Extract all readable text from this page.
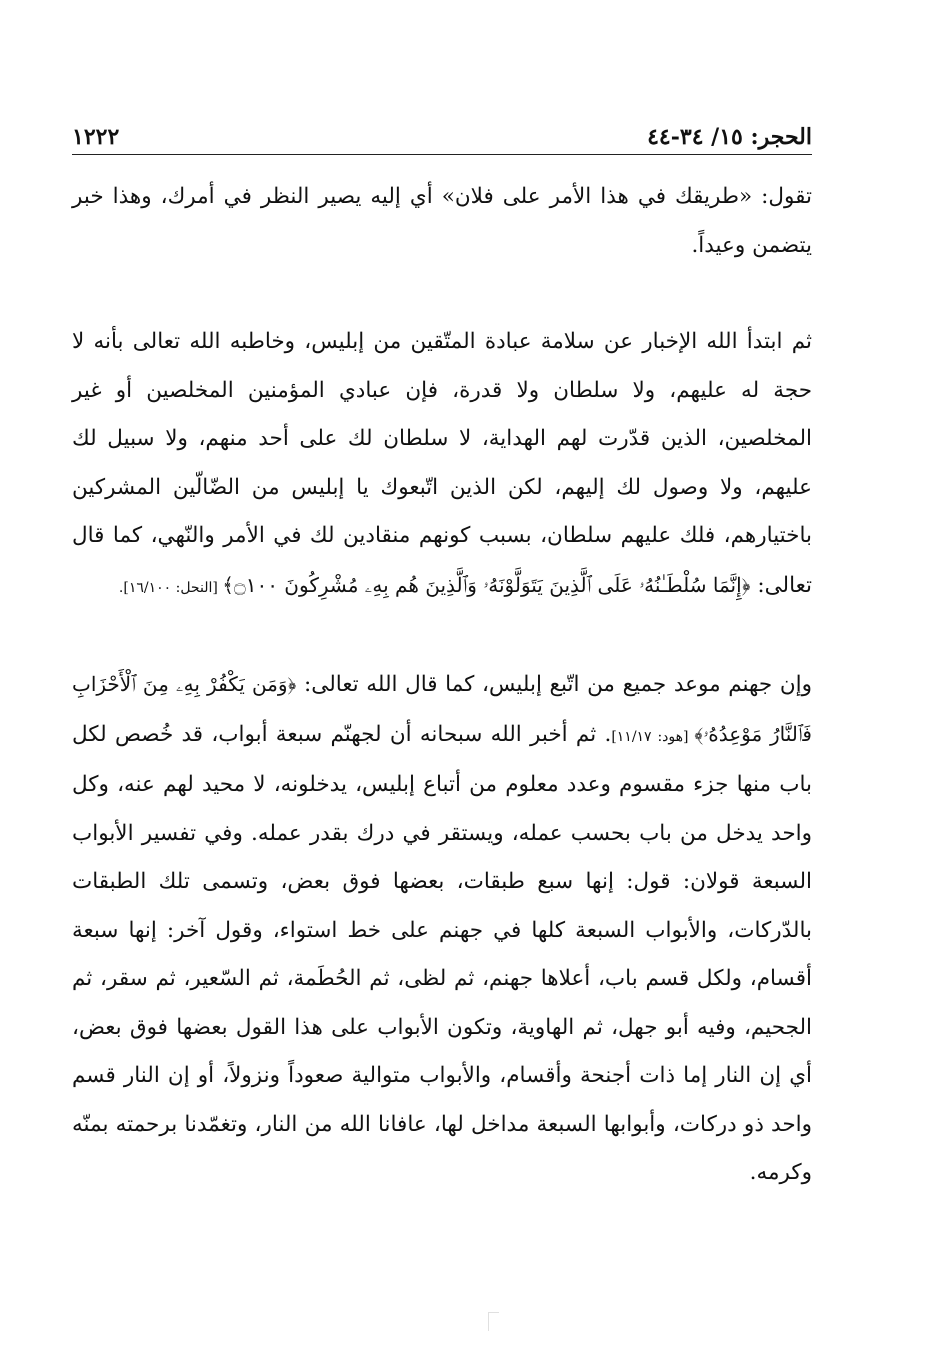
الحجر: ١٥/ ٣٤-٤٤
١٢٢٢

تقول: «طريقك في هذا الأمر على فلان» أي إليه يصير النظر في أمرك، وهذا خبر يتضمن وعيداً.

ثم ابتدأ الله الإخبار عن سلامة عبادة المتّقين من إبليس، وخاطبه الله تعالى بأنه لا حجة له عليهم، ولا سلطان ولا قدرة، فإن عبادي المؤمنين المخلصين أو غير المخلصين، الذين قدّرت لهم الهداية، لا سلطان لك على أحد منهم، ولا سبيل لك عليهم، ولا وصول لك إليهم، لكن الذين اتّبعوك يا إبليس من الضّالّين المشركين باختيارهم، فلك عليهم سلطان، بسبب كونهم منقادين لك في الأمر والنّهي، كما قال تعالى: ﴿إِنَّمَا سُلْطَـٰنُهُۥ عَلَى ٱلَّذِينَ يَتَوَلَّوْنَهُۥ وَٱلَّذِينَ هُم بِهِۦ مُشْرِكُونَ ۝١٠٠﴾ [النحل: ١٦/١٠٠].

وإن جهنم موعد جميع من اتّبع إبليس، كما قال الله تعالى: ﴿وَمَن يَكْفُرْ بِهِۦ مِنَ ٱلْأَحْزَابِ فَٱلنَّارُ مَوْعِدُهُۥ﴾ [هود: ١١/١٧]. ثم أخبر الله سبحانه أن لجهنّم سبعة أبواب، قد خُصص لكل باب منها جزء مقسوم وعدد معلوم من أتباع إبليس، يدخلونه، لا محيد لهم عنه، وكل واحد يدخل من باب بحسب عمله، ويستقر في درك بقدر عمله. وفي تفسير الأبواب السبعة قولان: قول: إنها سبع طبقات، بعضها فوق بعض، وتسمى تلك الطبقات بالدّركات، والأبواب السبعة كلها في جهنم على خط استواء، وقول آخر: إنها سبعة أقسام، ولكل قسم باب، أعلاها جهنم، ثم لظى، ثم الحُطَمة، ثم السّعير، ثم سقر، ثم الجحيم، وفيه أبو جهل، ثم الهاوية، وتكون الأبواب على هذا القول بعضها فوق بعض، أي إن النار إما ذات أجنحة وأقسام، والأبواب متوالية صعوداً ونزولاً، أو إن النار قسم واحد ذو دركات، وأبوابها السبعة مداخل لها، عافانا الله من النار، وتغمّدنا برحمته بمنّه وكرمه.
